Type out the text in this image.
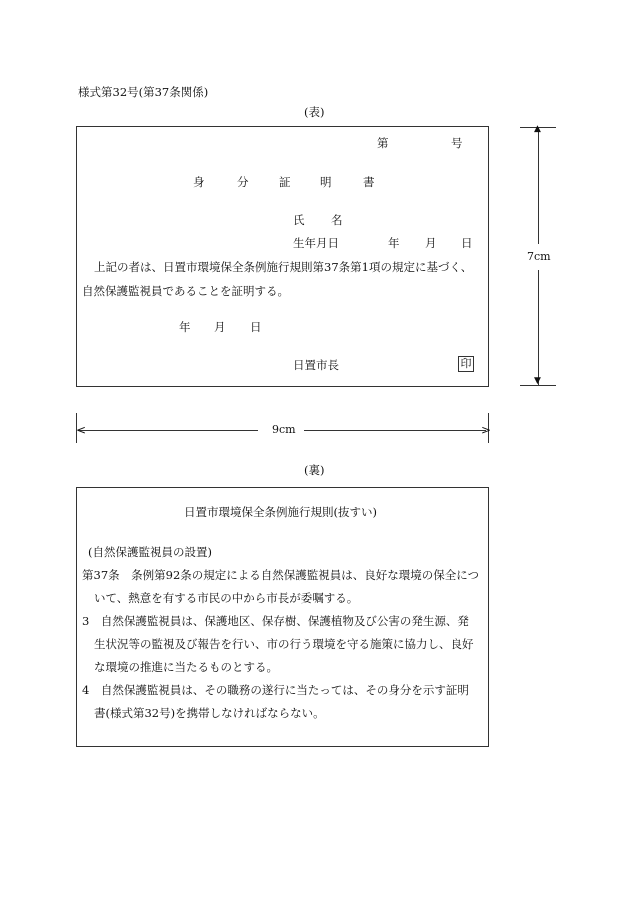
様式第32号(第37条関係)
(表)
第	号
身	分	証	明	書
氏 名
生年月日	年 月 日
上記の者は、日置市環境保全条例施行規則第37条第1項の規定に基づく、
自然保護監視員であることを証明する。
年 月 日
日置市長	印
▲
▼
7cm
<	>
9cm
(裏)
日置市環境保全条例施行規則(抜すい)
(自然保護監視員の設置)
第37条　条例第92条の規定による自然保護監視員は、良好な環境の保全につ
いて、熱意を有する市民の中から市長が委嘱する。
3　自然保護監視員は、保護地区、保存樹、保護植物及び公害の発生源、発
生状況等の監視及び報告を行い、市の行う環境を守る施策に協力し、良好
な環境の推進に当たるものとする。
4　自然保護監視員は、その職務の遂行に当たっては、その身分を示す証明
書(様式第32号)を携帯しなければならない。
